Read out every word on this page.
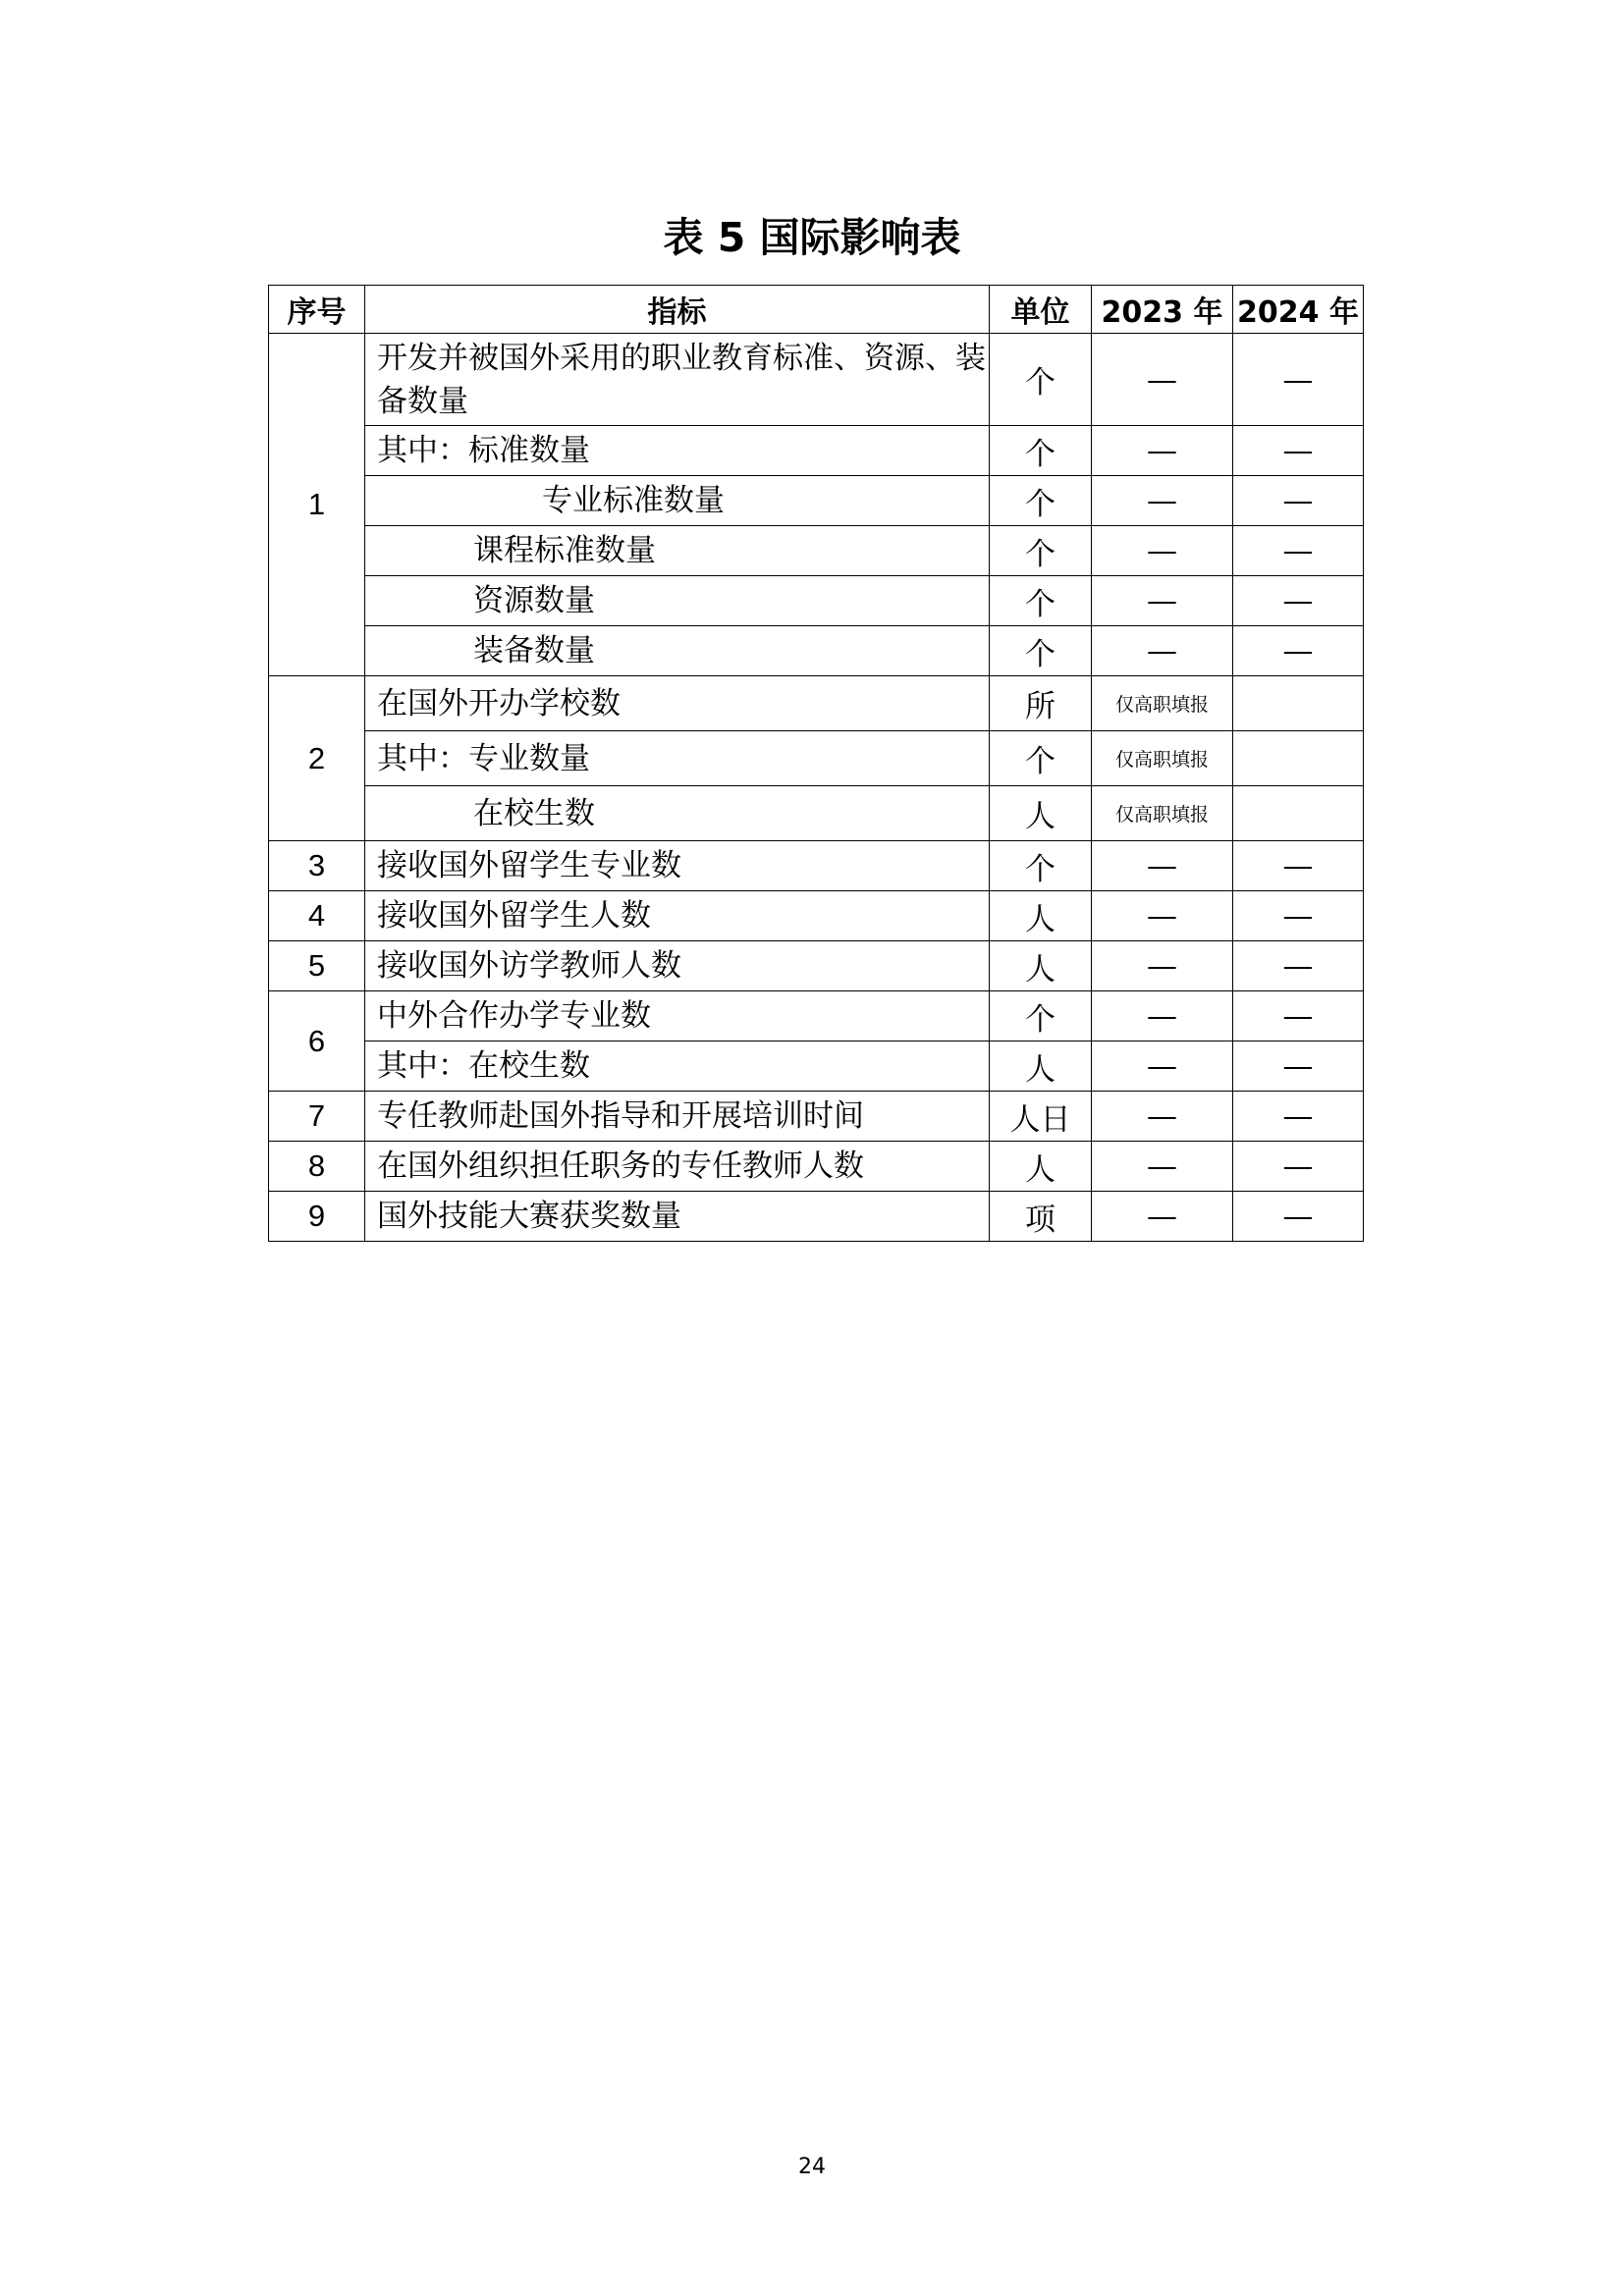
表 5 国际影响表
序号	指标	单位	2023 年	2024 年
1	开发并被国外采用的职业教育标准、资源、装备数量	个	—	—
	其中：标准数量	个	—	—
	专业标准数量	个	—	—
	课程标准数量	个	—	—
	资源数量	个	—	—
	装备数量	个	—	—
2	在国外开办学校数	所	仅高职填报	
	其中：专业数量	个	仅高职填报	
	在校生数	人	仅高职填报	
3	接收国外留学生专业数	个	—	—
4	接收国外留学生人数	人	—	—
5	接收国外访学教师人数	人	—	—
6	中外合作办学专业数	个	—	—
	其中：在校生数	人	—	—
7	专任教师赴国外指导和开展培训时间	人日	—	—
8	在国外组织担任职务的专任教师人数	人	—	—
9	国外技能大赛获奖数量	项	—	—
24
